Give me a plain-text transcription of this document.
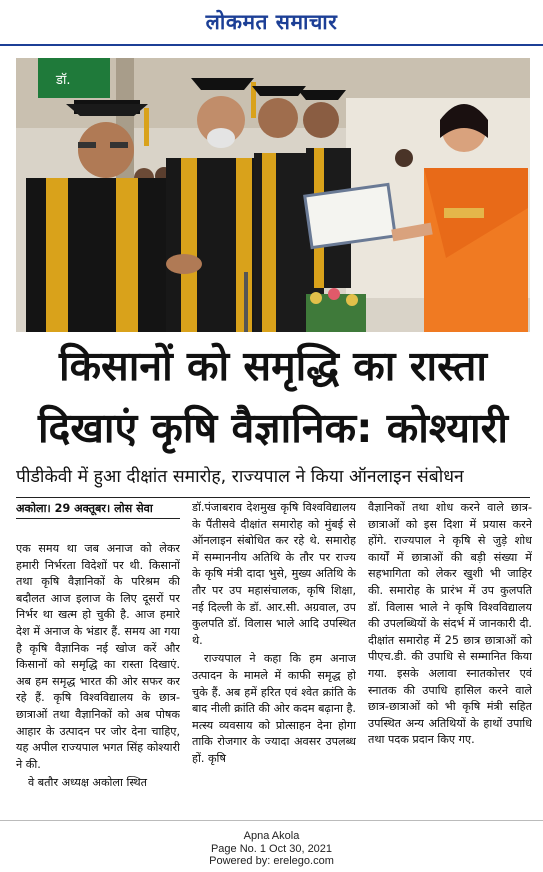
लोकमत समाचार
डॉ.
किसानों को समृद्धि का रास्ता
दिखाएं कृषि वैज्ञानिक: कोश्यारी
पीडीकेवी में हुआ दीक्षांत समारोह, राज्यपाल ने किया ऑनलाइन संबोधन
अकोला। 29 अक्तूबर। लोस सेवा

एक समय था जब अनाज को लेकर हमारी निर्भरता विदेशों पर थी. किसानों तथा कृषि वैज्ञानिकों के परिश्रम की बदौलत आज इलाज के लिए दूसरों पर निर्भर था खत्म हो चुकी है. आज हमारे देश में अनाज के भंडार हैं. समय आ गया है कृषि वैज्ञानिक नई खोज करें और किसानों को समृद्धि का रास्ता दिखाएं. अब हम समृद्ध भारत की ओर सफर कर रहे हैं. कृषि विश्वविद्यालय के छात्र-छात्राओं तथा वैज्ञानिकों को अब पोषक आहार के उत्पादन पर जोर देना चाहिए, यह अपील राज्यपाल भगत सिंह कोश्यारी ने की.

वे बतौर अध्यक्ष अकोला स्थित

डॉ.पंजाबराव देशमुख कृषि विश्वविद्यालय के पैंतीसवे दीक्षांत समारोह को मुंबई से ऑनलाइन संबोधित कर रहे थे. समारोह में सम्माननीय अतिथि के तौर पर राज्य के कृषि मंत्री दादा भुसे, मुख्य अतिथि के तौर पर उप महासंचालक, कृषि शिक्षा, नई दिल्ली के डॉ. आर.सी. अग्रवाल, उप कुलपति डॉ. विलास भाले आदि उपस्थित थे.

राज्यपाल ने कहा कि हम अनाज उत्पादन के मामले में काफी समृद्ध हो चुके हैं. अब हमें हरित एवं श्वेत क्रांति के बाद नीली क्रांति की ओर कदम बढ़ाना है. मत्स्य व्यवसाय को प्रोत्साहन देना होगा ताकि रोजगार के ज्यादा अवसर उपलब्ध हों. कृषि

वैज्ञानिकों तथा शोध करने वाले छात्र-छात्राओं को इस दिशा में प्रयास करने होंगे. राज्यपाल ने कृषि से जुड़े शोध कार्यों में छात्राओं की बड़ी संख्या में सहभागिता को लेकर खुशी भी जाहिर की. समारोह के प्रारंभ में उप कुलपति डॉ. विलास भाले ने कृषि विश्वविद्यालय की उपलब्धियों के संदर्भ में जानकारी दी. दीक्षांत समारोह में 25 छात्र छात्राओं को पीएच.डी. की उपाधि से सम्मानित किया गया. इसके अलावा स्नातकोत्तर एवं स्नातक की उपाधि हासिल करने वाले छात्र-छात्राओं को भी कृषि मंत्री सहित उपस्थित अन्य अतिथियों के हाथों उपाधि तथा पदक प्रदान किए गए.

Apna Akola
Page No. 1 Oct 30, 2021
Powered by: erelego.com
